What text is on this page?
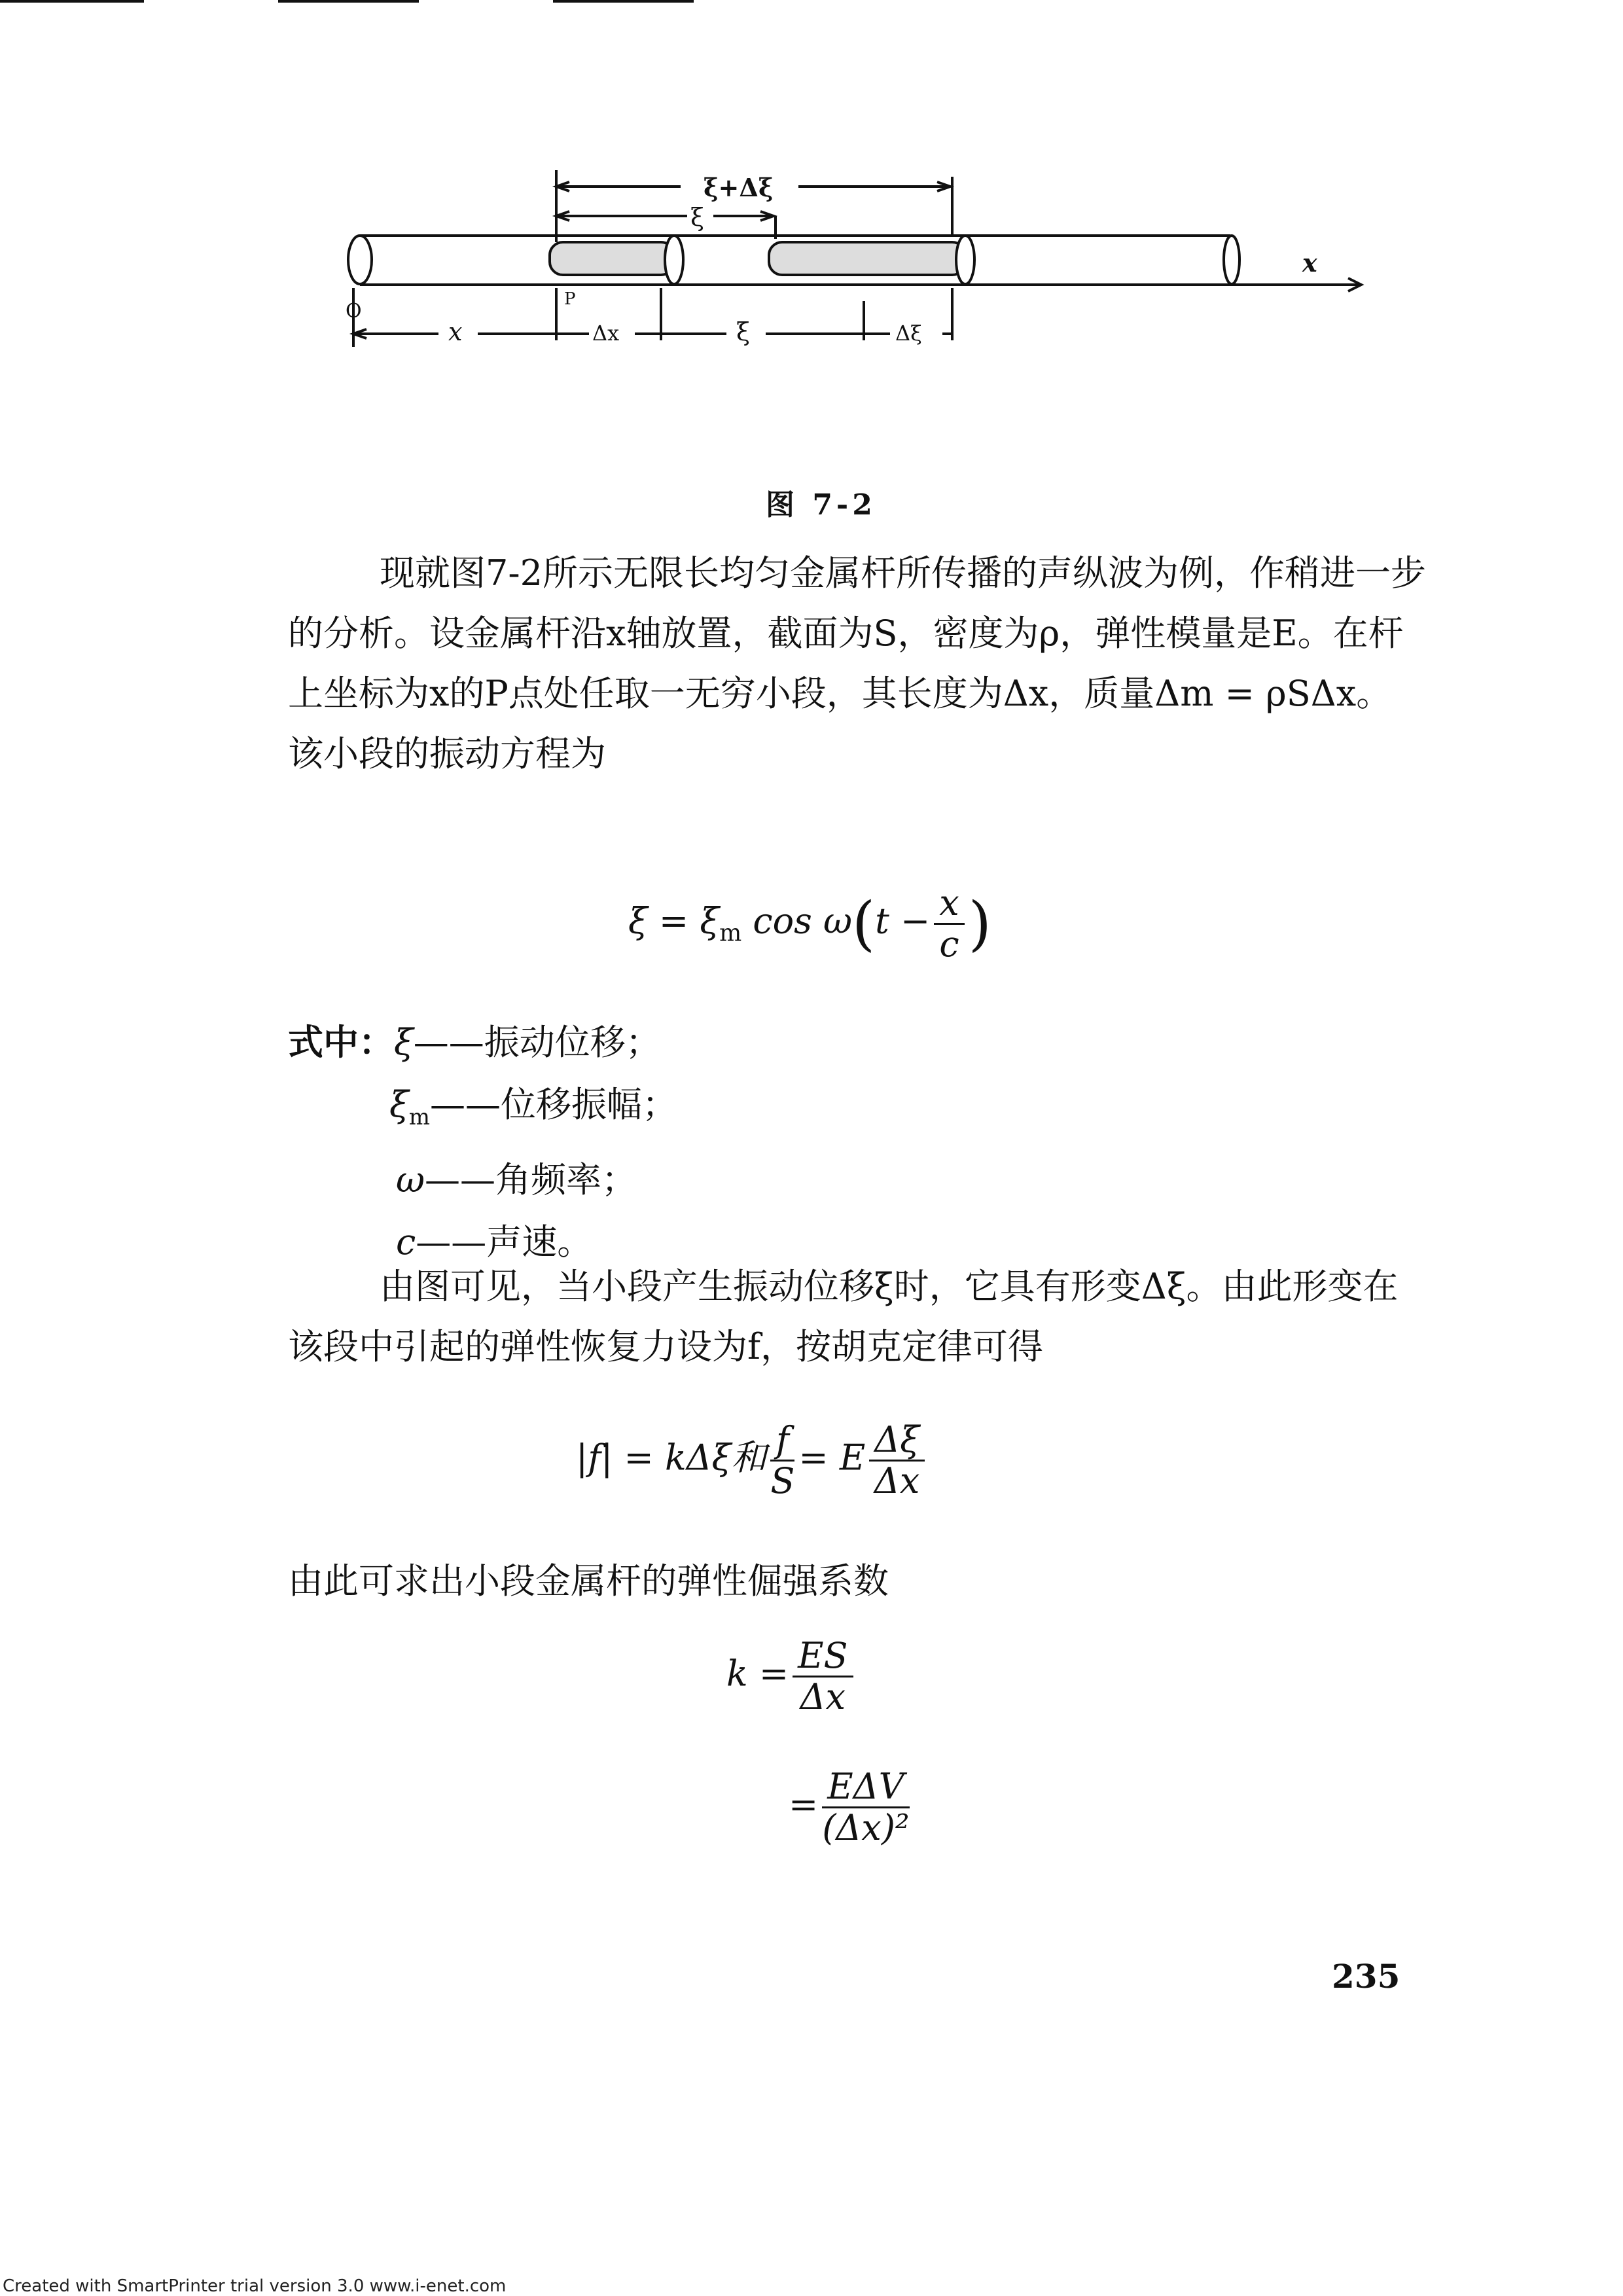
ξ+Δξ
ξ
O
x
P
Δx	ξ	Δξ
x
图 7-2

现就图7-2所示无限长均匀金属杆所传播的声纵波为例，作稍进一步的分析。设金属杆沿x轴放置，截面为S，密度为ρ，弹性模量是E。在杆上坐标为x的P点处任取一无穷小段，其长度为Δx，质量Δm = ρSΔx。该小段的振动方程为

$\xi = \xi_m$ $\cos \omega(t - \frac{x}{c}$ )
式中：ξ——振动位移；
$\xi_m——$位移振幅；
ω——角频率；
c——声速。

由图可见，当小段产生振动位移ξ时，它具有形变Δξ。由此形变在该段中引起的弹性恢复力设为f，按胡克定律可得

|f| = kΔξ和 $\frac{f}{S} = E \frac{\Delta\xi}{\Delta x}$

由此可求出小段金属杆的弹性倔强系数

$k = \frac{ES}{\Delta x}$
= $\frac{\text{EΔV}}{\text{(Δx)²}}$
235
Created with SmartPrinter trial version 3.0 www.i-enet.com
